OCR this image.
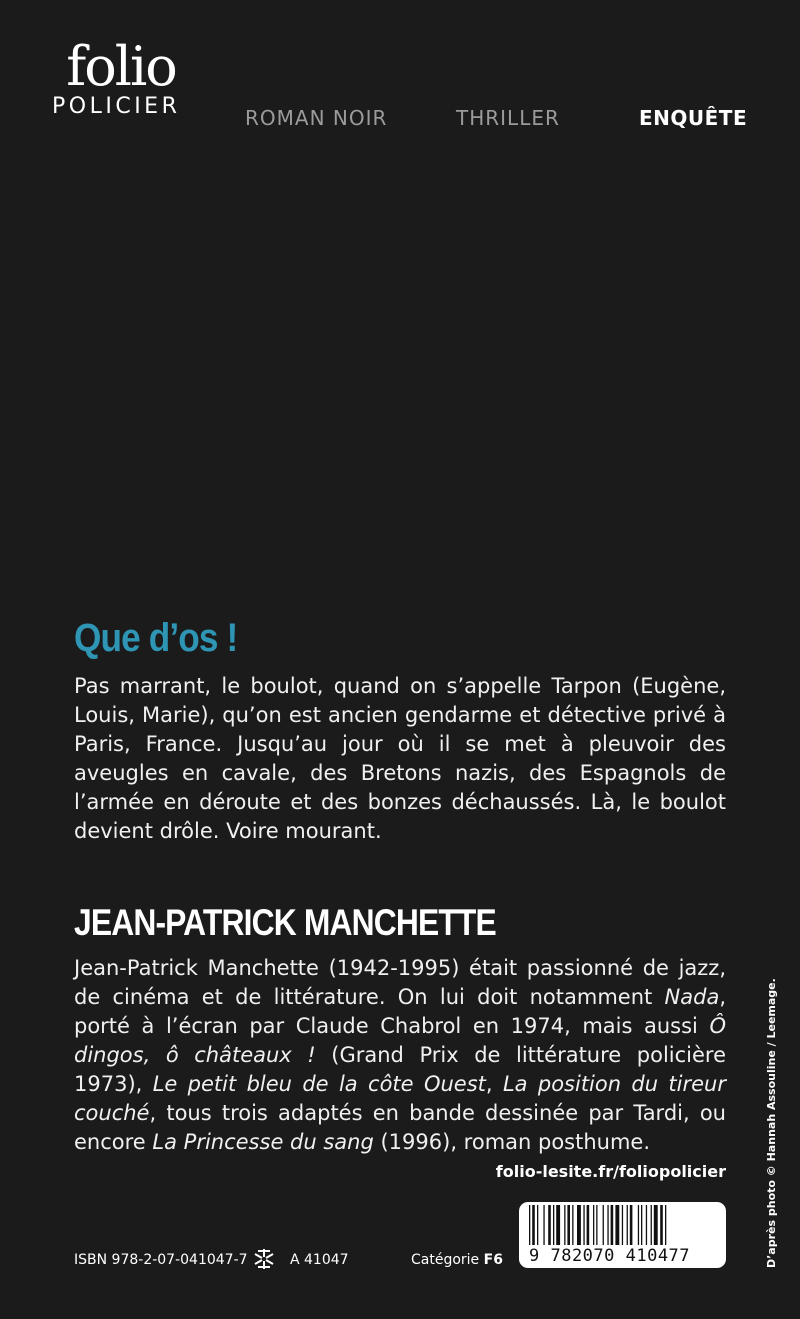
folio
POLICIER	ROMAN NOIR	THRILLER	ENQUÊTE
Que d’os !
Pas marrant, le boulot, quand on s’appelle Tarpon (Eugène, Louis, Marie), qu’on est ancien gendarme et détective privé à Paris, France. Jusqu’au jour où il se met à pleuvoir des aveugles en cavale, des Bretons nazis, des Espagnols de l’armée en déroute et des bonzes déchaussés. Là, le boulot devient drôle. Voire mourant.
JEAN-PATRICK MANCHETTE
Jean-Patrick Manchette (1942-1995) était passionné de jazz, de cinéma et de littérature. On lui doit notamment Nada, porté à l’écran par Claude Chabrol en 1974, mais aussi Ô dingos, ô châteaux ! (Grand Prix de littérature policière 1973), Le petit bleu de la côte Ouest, La position du tireur couché, tous trois adaptés en bande dessinée par Tardi, ou encore La Princesse du sang (1996), roman posthume.
folio-lesite.fr/foliopolicier
9 782070 410477
ISBN 978-2-07-041047-7	A 41047	Catégorie F6	D’après photo © Hannah Assouline / Leemage.
